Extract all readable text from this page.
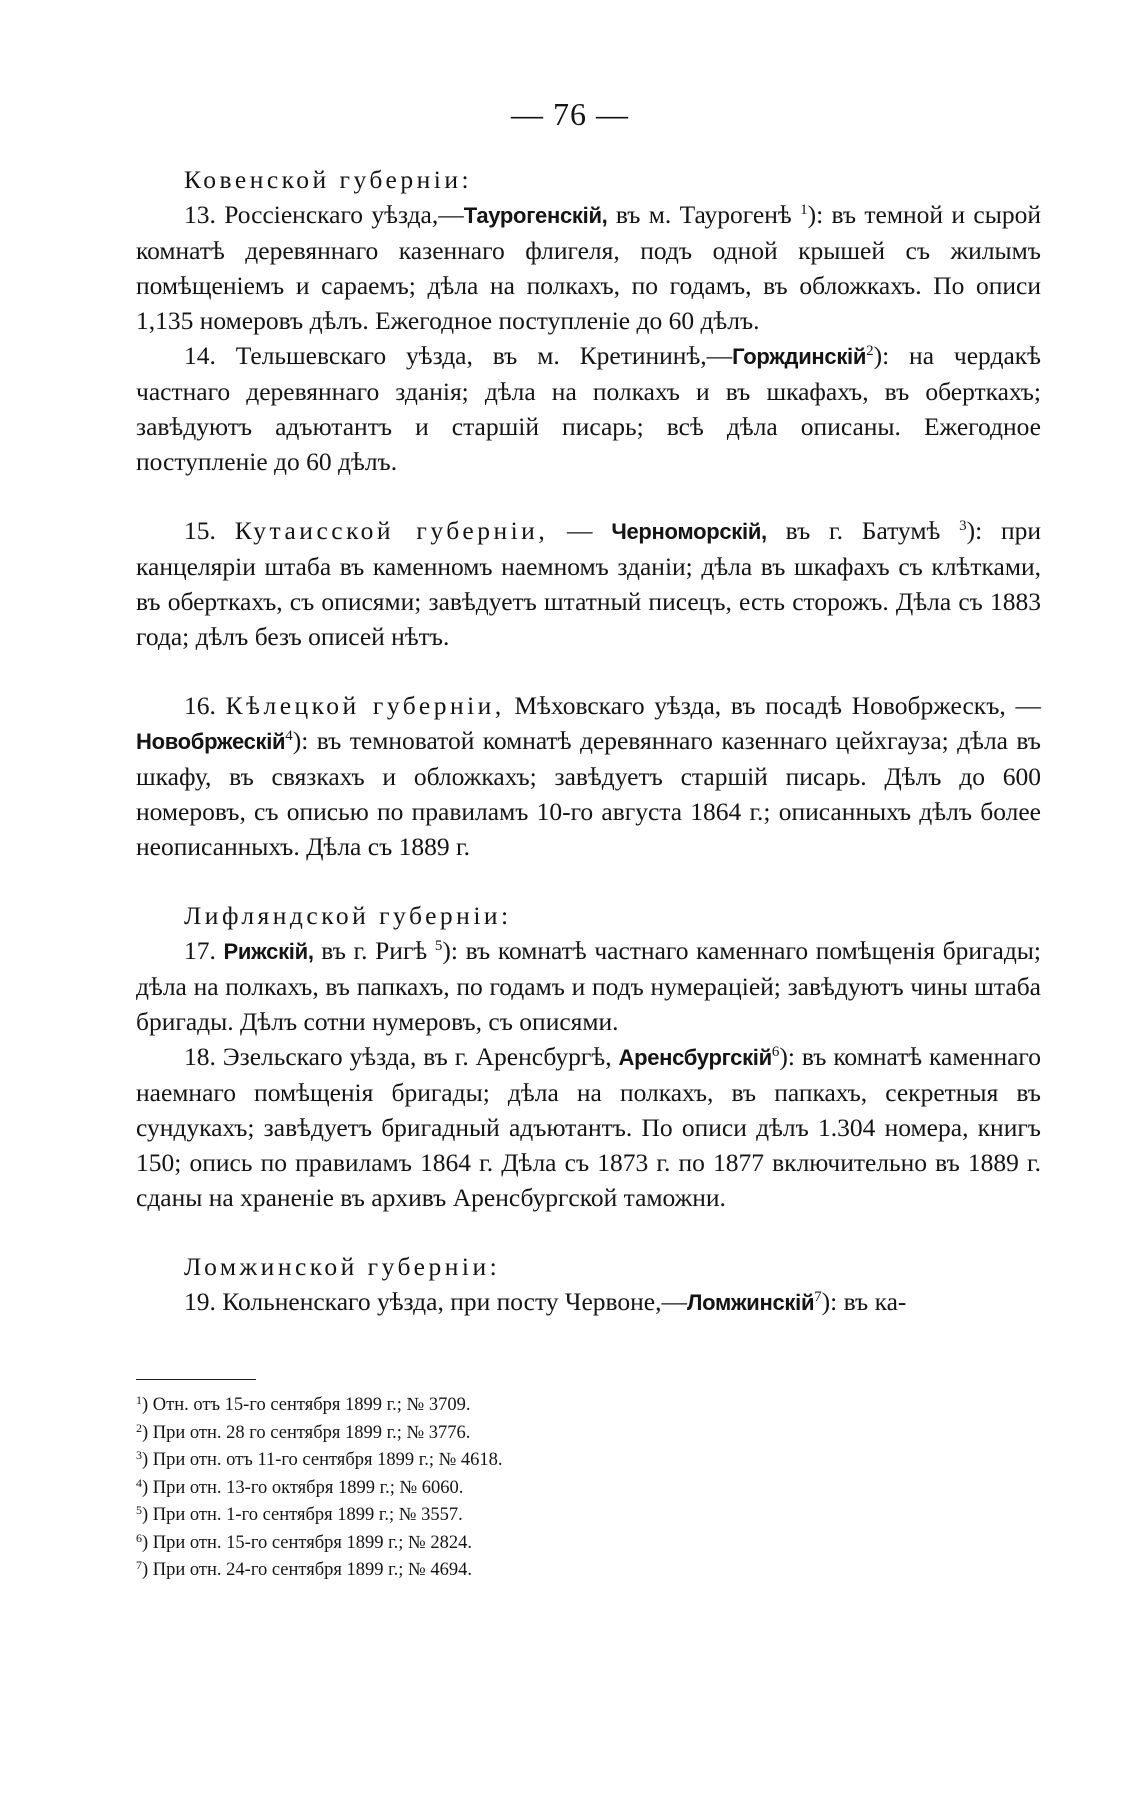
— 76 —
Ковенской губерніи:

13. Россіенскаго уѣзда,—Таурогенскій, въ м. Таурогенѣ $^1$): въ темной и сырой комнатѣ деревяннаго казеннаго флигеля, подъ одной крышей съ жилымъ помѣщеніемъ и сараемъ; дѣла на полкахъ, по годамъ, въ обложкахъ. По описи 1,135 номеровъ дѣлъ. Ежегодное поступленіе до 60 дѣлъ.

14. Тельшевскаго уѣзда, въ м. Кретининѣ,—Горждинскій$^2$): на чердакѣ частнаго деревяннаго зданія; дѣла на полкахъ и въ шкафахъ, въ оберткахъ; завѣдуютъ адъютантъ и старшій писарь; всѣ дѣла описаны. Ежегодное поступленіе до 60 дѣлъ.

15. Кутаисской губерніи, — Черноморскій, въ г. Батумѣ $^3$): при канцеляріи штаба въ каменномъ наемномъ зданіи; дѣла въ шкафахъ съ клѣтками, въ оберткахъ, съ описями; завѣдуетъ штатный писецъ, есть сторожъ. Дѣла съ 1883 года; дѣлъ безъ описей нѣтъ.

16. Кѣлецкой губерніи, Мѣховскаго уѣзда, въ посадѣ Новобржескъ, — Новобржескій$^4$): въ темноватой комнатѣ деревяннаго казеннаго цейхгауза; дѣла въ шкафу, въ связкахъ и обложкахъ; завѣдуетъ старшій писарь. Дѣлъ до 600 номеровъ, съ описью по правиламъ 10-го августа 1864 г.; описанныхъ дѣлъ более неописанныхъ. Дѣла съ 1889 г.

Лифляндской губерніи:

17. Рижскій, въ г. Ригѣ $^5$): въ комнатѣ частнаго каменнаго помѣщенія бригады; дѣла на полкахъ, въ папкахъ, по годамъ и подъ нумераціей; завѣдуютъ чины штаба бригады. Дѣлъ сотни нумеровъ, съ описями.

18. Эзельскаго уѣзда, въ г. Аренсбургѣ, Аренсбургскій$^6$): въ комнатѣ каменнаго наемнаго помѣщенія бригады; дѣла на полкахъ, въ папкахъ, секретныя въ сундукахъ; завѣдуетъ бригадный адъютантъ. По описи дѣлъ 1.304 номера, книгъ 150; опись по правиламъ 1864 г. Дѣла съ 1873 г. по 1877 включительно въ 1889 г. сданы на храненіе въ архивъ Аренсбургской таможни.

Ломжинской губерніи:

19. Кольненскаго уѣзда, при посту Червоне,—Ломжинскій$^7$): въ ка-

$^1$) Отн. отъ 15-го сентября 1899 г.; № 3709.
$^2$) При отн. 28 го сентября 1899 г.; № 3776.
$^3$) При отн. отъ 11-го сентября 1899 г.; № 4618.
$^4$) При отн. 13-го октября 1899 г.; № 6060.
$^5$) При отн. 1-го сентября 1899 г.; № 3557.
$^6$) При отн. 15-го сентября 1899 г.; № 2824.
$^7$) При отн. 24-го сентября 1899 г.; № 4694.
